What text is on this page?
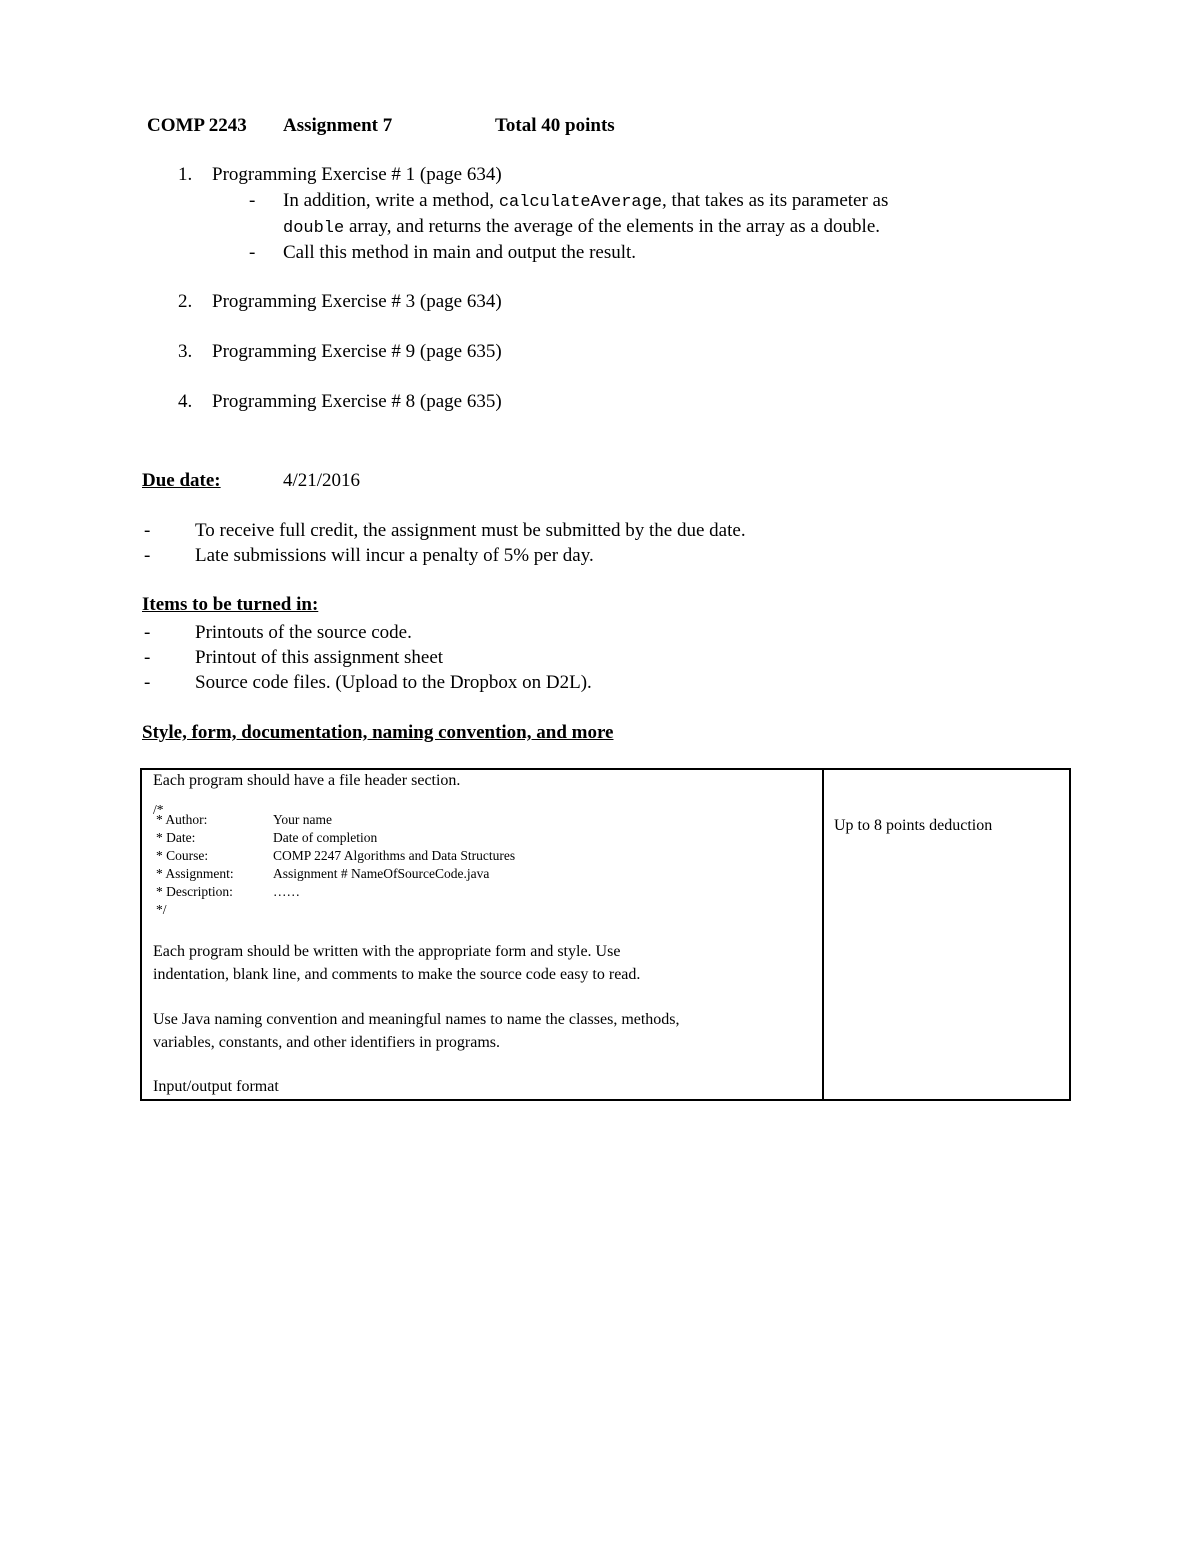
COMP 2243 Assignment 7	Total 40 points
1. Programming Exercise # 1 (page 634)
- In addition, write a method, calculateAverage, that takes as its parameter as
double array, and returns the average of the elements in the array as a double.
- Call this method in main and output the result.
2. Programming Exercise # 3 (page 634)
3. Programming Exercise # 9 (page 635)
4. Programming Exercise # 8 (page 635)
Due date:	4/21/2016
- To receive full credit, the assignment must be submitted by the due date.
- Late submissions will incur a penalty of 5% per day.
Items to be turned in:
- Printouts of the source code.
- Printout of this assignment sheet
- Source code files. (Upload to the Dropbox on D2L).
Style, form, documentation, naming convention, and more
Each program should have a file header section.
/*
* Author:	Your name
* Date:	Date of completion
* Course:	COMP 2247 Algorithms and Data Structures
* Assignment:	Assignment # NameOfSourceCode.java
* Description:	……
*/
Each program should be written with the appropriate form and style. Use
indentation, blank line, and comments to make the source code easy to read.
Use Java naming convention and meaningful names to name the classes, methods,
variables, constants, and other identifiers in programs.
Input/output format

Up to 8 points deduction
